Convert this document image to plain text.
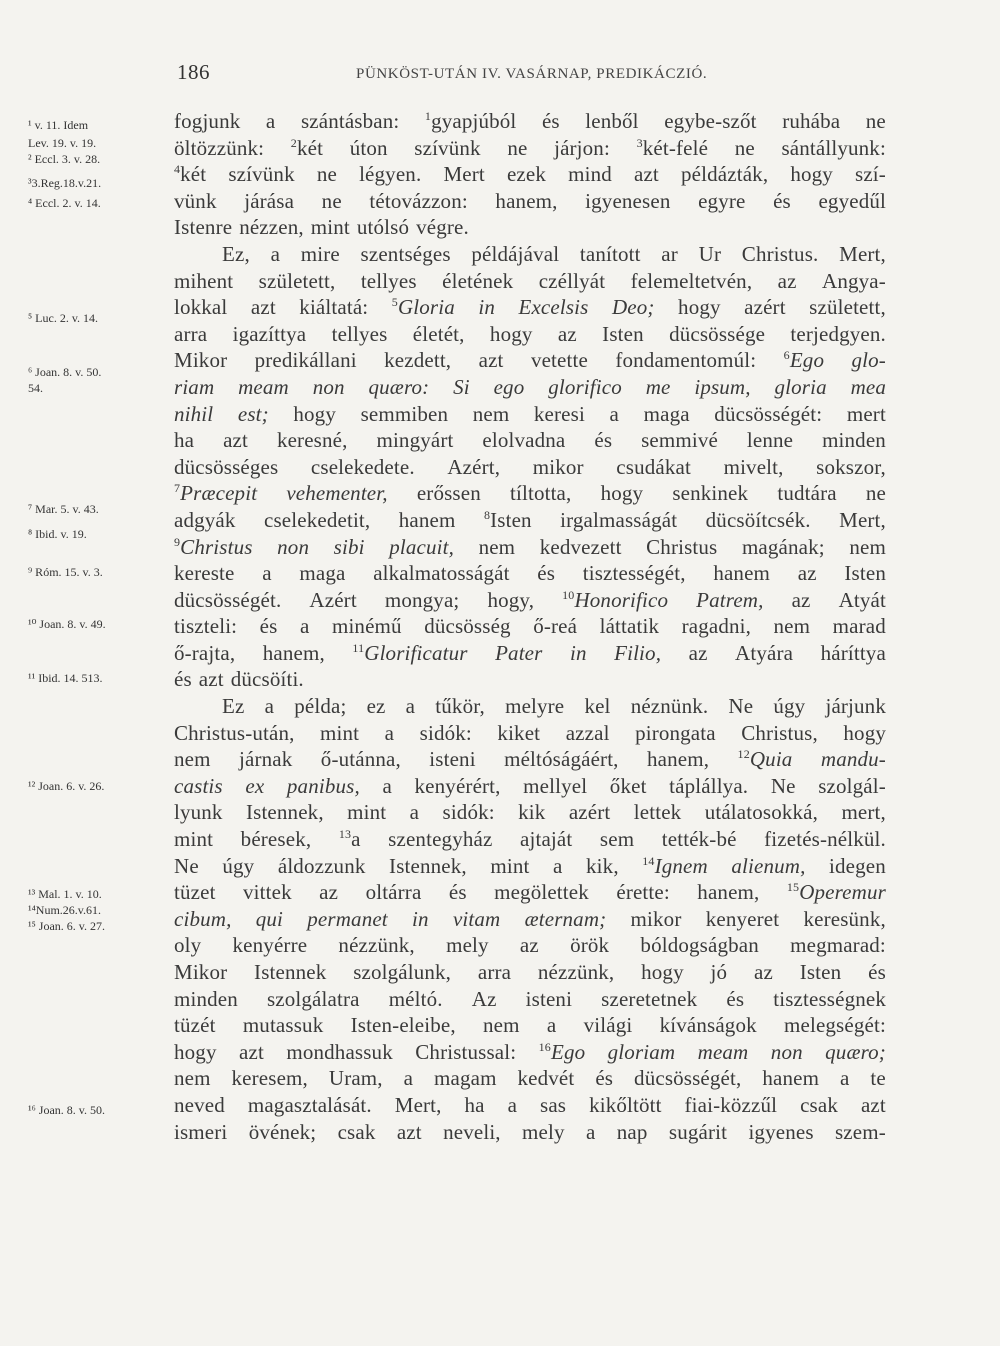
186	PÜNKÖST-UTÁN IV. VASÁRNAP, PREDIKÁCZIÓ.
¹ v. 11. Idem
Lev. 19. v. 19.
² Eccl. 3. v. 28.
³3.Reg.18.v.21.
⁴ Eccl. 2. v. 14.
⁵ Luc. 2. v. 14.
⁶ Joan. 8. v. 50.
54.
⁷ Mar. 5. v. 43.
⁸ Ibid. v. 19.
⁹ Róm. 15. v. 3.
¹⁰ Joan. 8. v. 49.
¹¹ Ibid. 14. 513.
¹² Joan. 6. v. 26.
¹³ Mal. 1. v. 10.
¹⁴Num.26.v.61.
¹⁵ Joan. 6. v. 27.
¹⁶ Joan. 8. v. 50.
fogjunk a szántásban: $^1$gyapjúból és lenből egybe-szőt ruhába ne
öltözzünk: $^2$két úton szívünk ne járjon: $^3$két-felé ne sántállyunk:
$^4$két szívünk ne légyen. Mert ezek mind azt példázták, hogy szí-
vünk járása ne tétovázzon: hanem, igyenesen egyre és egyedűl
Istenre nézzen, mint utólsó végre.
Ez, a mire szentséges példájával tanított ar Ur Christus. Mert,
mihent született, tellyes életének czéllyát felemeltetvén, az Angya-
lokkal azt kiáltatá: $^5$Gloria in Excelsis Deo; hogy azért született,
arra igazíttya tellyes életét, hogy az Isten dücsössége terjedgyen.
Mikor predikállani kezdett, azt vetette fondamentomúl: $^6$Ego glo-
riam meam non quæro: Si ego glorifico me ipsum, gloria mea
nihil est; hogy semmiben nem keresi a maga dücsösségét: mert
ha azt keresné, mingyárt elolvadna és semmivé lenne minden
dücsösséges cselekedete. Azért, mikor csudákat mivelt, sokszor,
$^7$Præcepit vehementer, erőssen tíltotta, hogy senkinek tudtára ne
adgyák cselekedetit, hanem $^8$Isten irgalmasságát dücsöítcsék. Mert,
$^9$Christus non sibi placuit, nem kedvezett Christus magának; nem
kereste a maga alkalmatosságát és tisztességét, hanem az Isten
dücsösségét. Azért mongya; hogy, $^{10}$Honorifico Patrem, az Atyát
tiszteli: és a minémű dücsösség ő-reá láttatik ragadni, nem marad
ő-rajta, hanem, $^{11}$Glorificatur Pater in Filio, az Atyára háríttya
és azt dücsöíti.
Ez a példa; ez a tűkör, melyre kel néznünk. Ne úgy járjunk
Christus-után, mint a sidók: kiket azzal pirongata Christus, hogy
nem járnak ő-utánna, isteni méltóságáért, hanem, $^{12}$Quia mandu-
castis ex panibus, a kenyérért, mellyel őket táplállya. Ne szolgál-
lyunk Istennek, mint a sidók: kik azért lettek utálatosokká, mert,
mint béresek, $^{13}$a szentegyház ajtaját sem tették-bé fizetés-nélkül.
Ne úgy áldozzunk Istennek, mint a kik, $^{14}$Ignem alienum, idegen
tüzet vittek az oltárra és megölettek érette: hanem, $^{15}$Operemur
cibum, qui permanet in vitam æternam; mikor kenyeret keresünk,
oly kenyérre nézzünk, mely az örök bóldogságban megmarad:
Mikor Istennek szolgálunk, arra nézzünk, hogy jó az Isten és
minden szolgálatra méltó. Az isteni szeretetnek és tisztességnek
tüzét mutassuk Isten-eleibe, nem a világi kívánságok melegségét:
hogy azt mondhassuk Christussal: $^{16}$Ego gloriam meam non quæro;
nem keresem, Uram, a magam kedvét és dücsösségét, hanem a te
neved magasztalását. Mert, ha a sas kikőltött fiai-közzűl csak azt
ismeri övének; csak azt neveli, mely a nap sugárit igyenes szem-
